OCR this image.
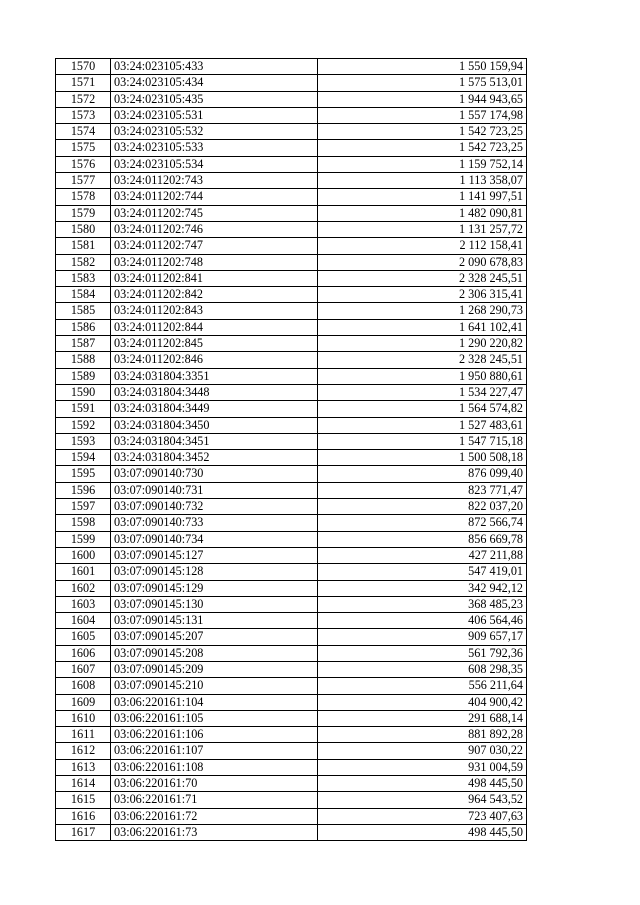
1570	03:24:023105:433	1 550 159,94
1571	03:24:023105:434	1 575 513,01
1572	03:24:023105:435	1 944 943,65
1573	03:24:023105:531	1 557 174,98
1574	03:24:023105:532	1 542 723,25
1575	03:24:023105:533	1 542 723,25
1576	03:24:023105:534	1 159 752,14
1577	03:24:011202:743	1 113 358,07
1578	03:24:011202:744	1 141 997,51
1579	03:24:011202:745	1 482 090,81
1580	03:24:011202:746	1 131 257,72
1581	03:24:011202:747	2 112 158,41
1582	03:24:011202:748	2 090 678,83
1583	03:24:011202:841	2 328 245,51
1584	03:24:011202:842	2 306 315,41
1585	03:24:011202:843	1 268 290,73
1586	03:24:011202:844	1 641 102,41
1587	03:24:011202:845	1 290 220,82
1588	03:24:011202:846	2 328 245,51
1589	03:24:031804:3351	1 950 880,61
1590	03:24:031804:3448	1 534 227,47
1591	03:24:031804:3449	1 564 574,82
1592	03:24:031804:3450	1 527 483,61
1593	03:24:031804:3451	1 547 715,18
1594	03:24:031804:3452	1 500 508,18
1595	03:07:090140:730	876 099,40
1596	03:07:090140:731	823 771,47
1597	03:07:090140:732	822 037,20
1598	03:07:090140:733	872 566,74
1599	03:07:090140:734	856 669,78
1600	03:07:090145:127	427 211,88
1601	03:07:090145:128	547 419,01
1602	03:07:090145:129	342 942,12
1603	03:07:090145:130	368 485,23
1604	03:07:090145:131	406 564,46
1605	03:07:090145:207	909 657,17
1606	03:07:090145:208	561 792,36
1607	03:07:090145:209	608 298,35
1608	03:07:090145:210	556 211,64
1609	03:06:220161:104	404 900,42
1610	03:06:220161:105	291 688,14
1611	03:06:220161:106	881 892,28
1612	03:06:220161:107	907 030,22
1613	03:06:220161:108	931 004,59
1614	03:06:220161:70	498 445,50
1615	03:06:220161:71	964 543,52
1616	03:06:220161:72	723 407,63
1617	03:06:220161:73	498 445,50
